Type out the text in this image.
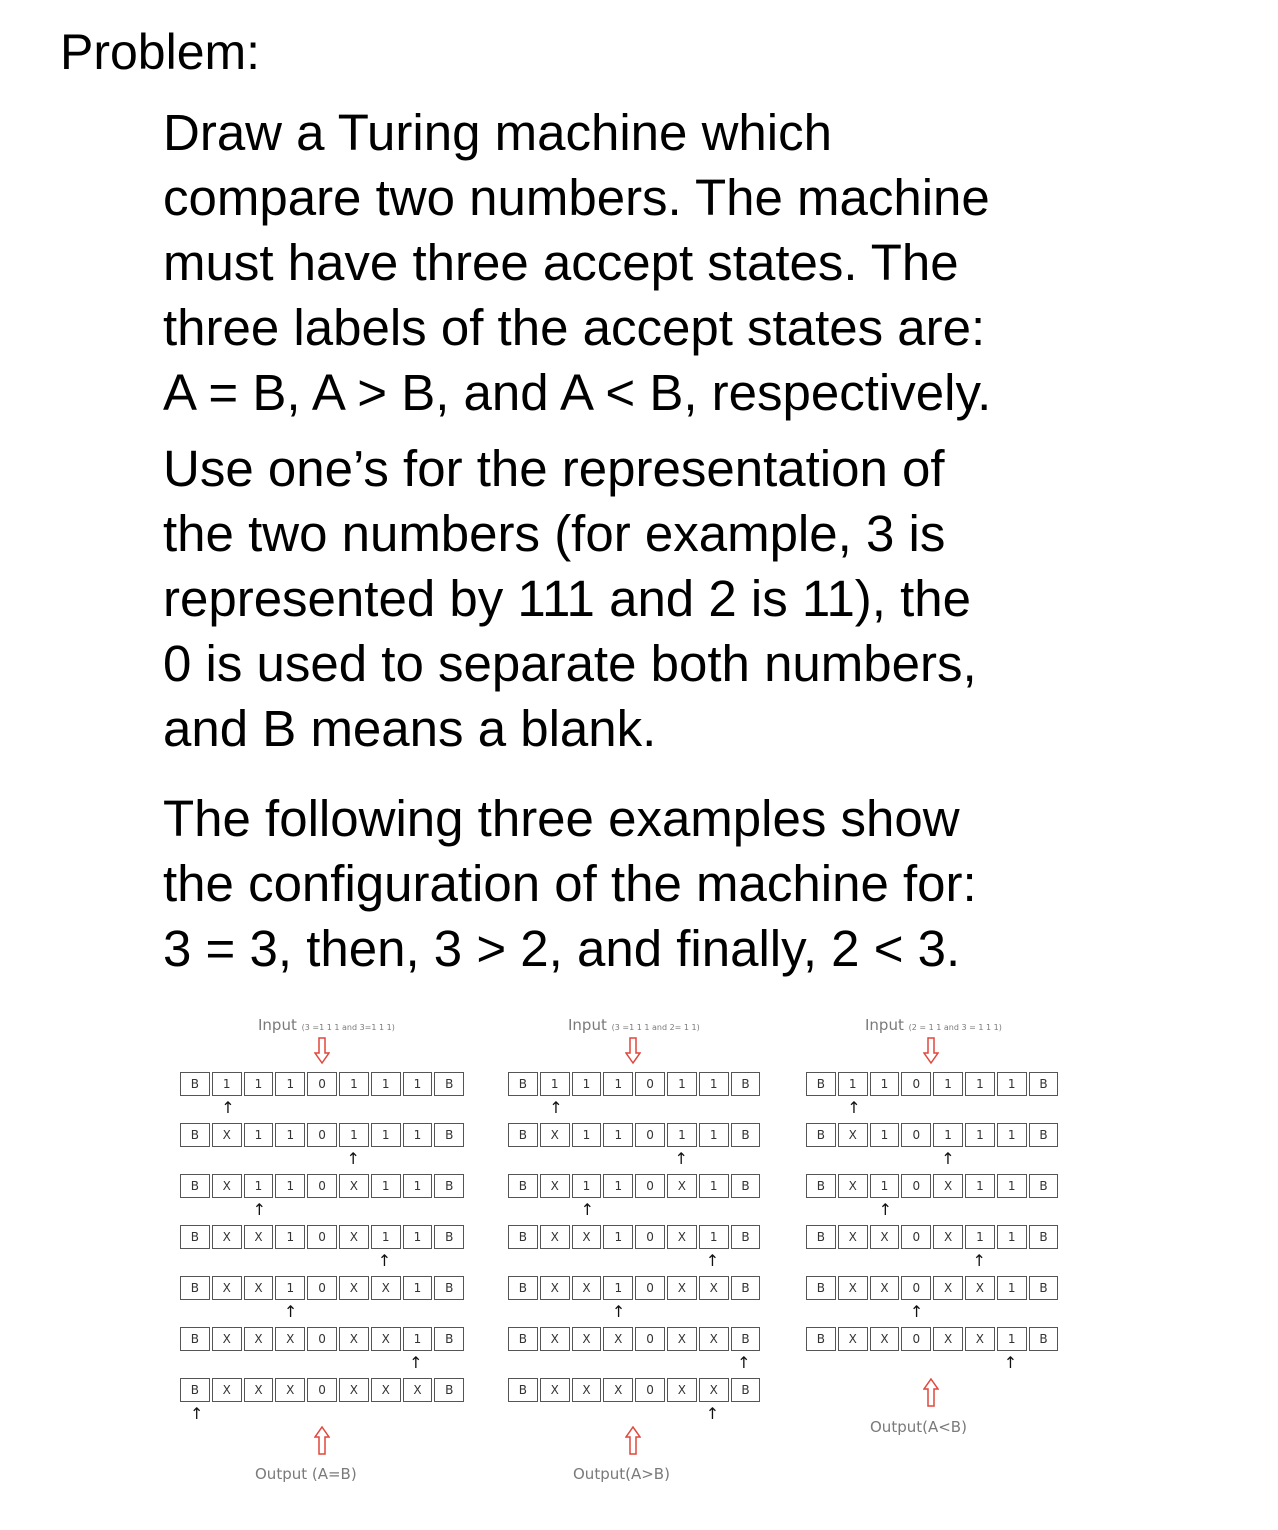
Problem:

Draw a Turing machine which
compare two numbers. The machine
must have three accept states. The
three labels of the accept states are:
A = B, A > B, and A < B, respectively.

Use one’s for the representation of
the two numbers (for example, 3 is
represented by 111 and 2 is 11), the
0 is used to separate both numbers,
and B means a blank.

The following three examples show
the configuration of the machine for:
3 = 3, then, 3 > 2, and finally, 2 < 3.

Input (3 =1 1 1 and 3=1 1 1)
B	1	1	1	0	1	1	1	B
↑
B	X	1	1	0	1	1	1	B
↑
B	X	1	1	0	X	1	1	B
↑
B	X	X	1	0	X	1	1	B
↑
B	X	X	1	0	X	X	1	B
↑
B	X	X	X	0	X	X	1	B
↑
B	X	X	X	0	X	X	X	B
↑
Output (A=B)
Input (3 =1 1 1 and 2= 1 1)
B	1	1	1	0	1	1	B
↑
B	X	1	1	0	1	1	B
↑
B	X	1	1	0	X	1	B
↑
B	X	X	1	0	X	1	B
↑
B	X	X	1	0	X	X	B
↑
B	X	X	X	0	X	X	B
↑
B	X	X	X	0	X	X	B
↑
Output(A>B)
Input (2 = 1 1 and 3 = 1 1 1)
B	1	1	0	1	1	1	B
↑
B	X	1	0	1	1	1	B
↑
B	X	1	0	X	1	1	B
↑
B	X	X	0	X	1	1	B
↑
B	X	X	0	X	X	1	B
↑
B	X	X	0	X	X	1	B
↑
Output(A<B)
